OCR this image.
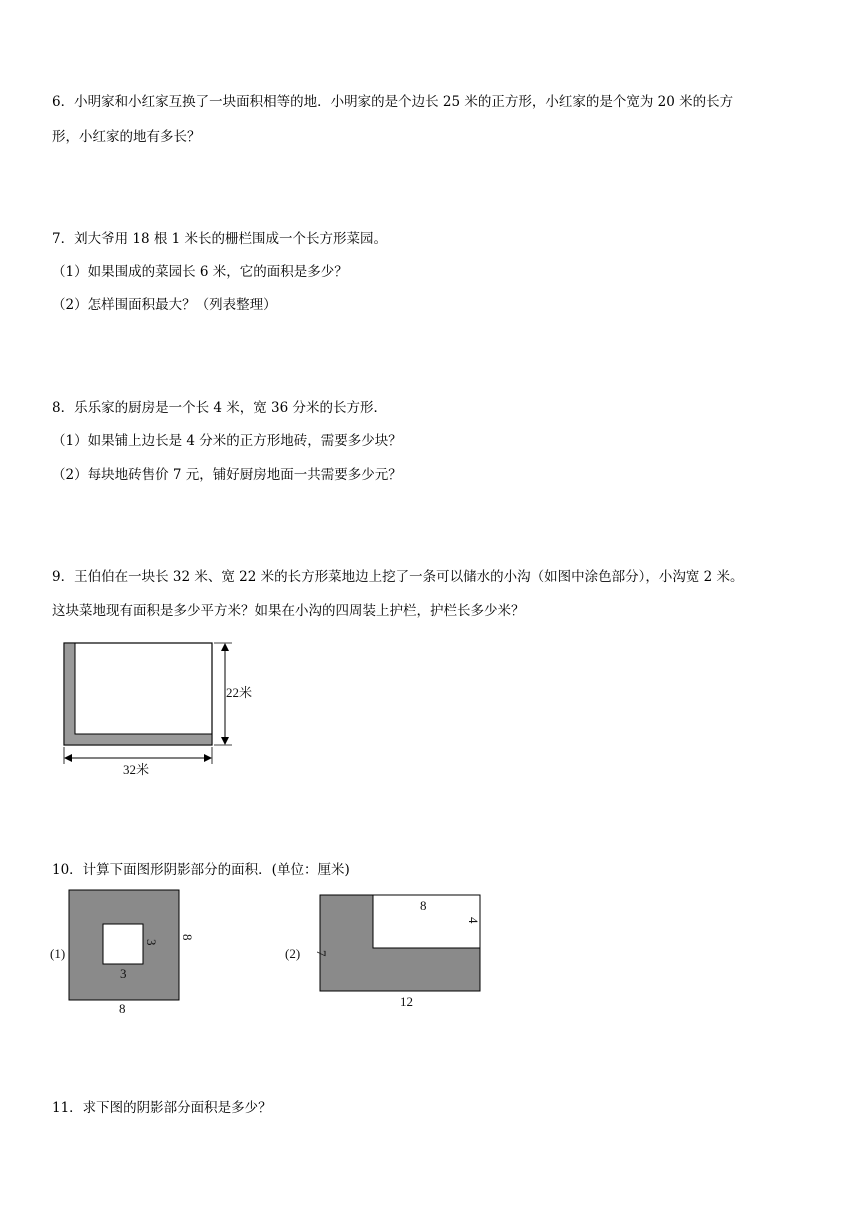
6．小明家和小红家互换了一块面积相等的地．小明家的是个边长 25 米的正方形，小红家的是个宽为 20 米的长方
形，小红家的地有多长？
7．刘大爷用 18 根 1 米长的栅栏围成一个长方形菜园。
（1）如果围成的菜园长 6 米，它的面积是多少？
（2）怎样围面积最大？（列表整理）
8．乐乐家的厨房是一个长 4 米，宽 36 分米的长方形．
（1）如果铺上边长是 4 分米的正方形地砖，需要多少块？
（2）每块地砖售价 7 元，铺好厨房地面一共需要多少元？
9．王伯伯在一块长 32 米、宽 22 米的长方形菜地边上挖了一条可以储水的小沟（如图中涂色部分），小沟宽 2 米。
这块菜地现有面积是多少平方米？如果在小沟的四周装上护栏，护栏长多少米？
22米
32米
10．计算下面图形阴影部分的面积．(单位：厘米)
(1)
3
3
8
8
(2)
8
4
7
12
11．求下图的阴影部分面积是多少？
